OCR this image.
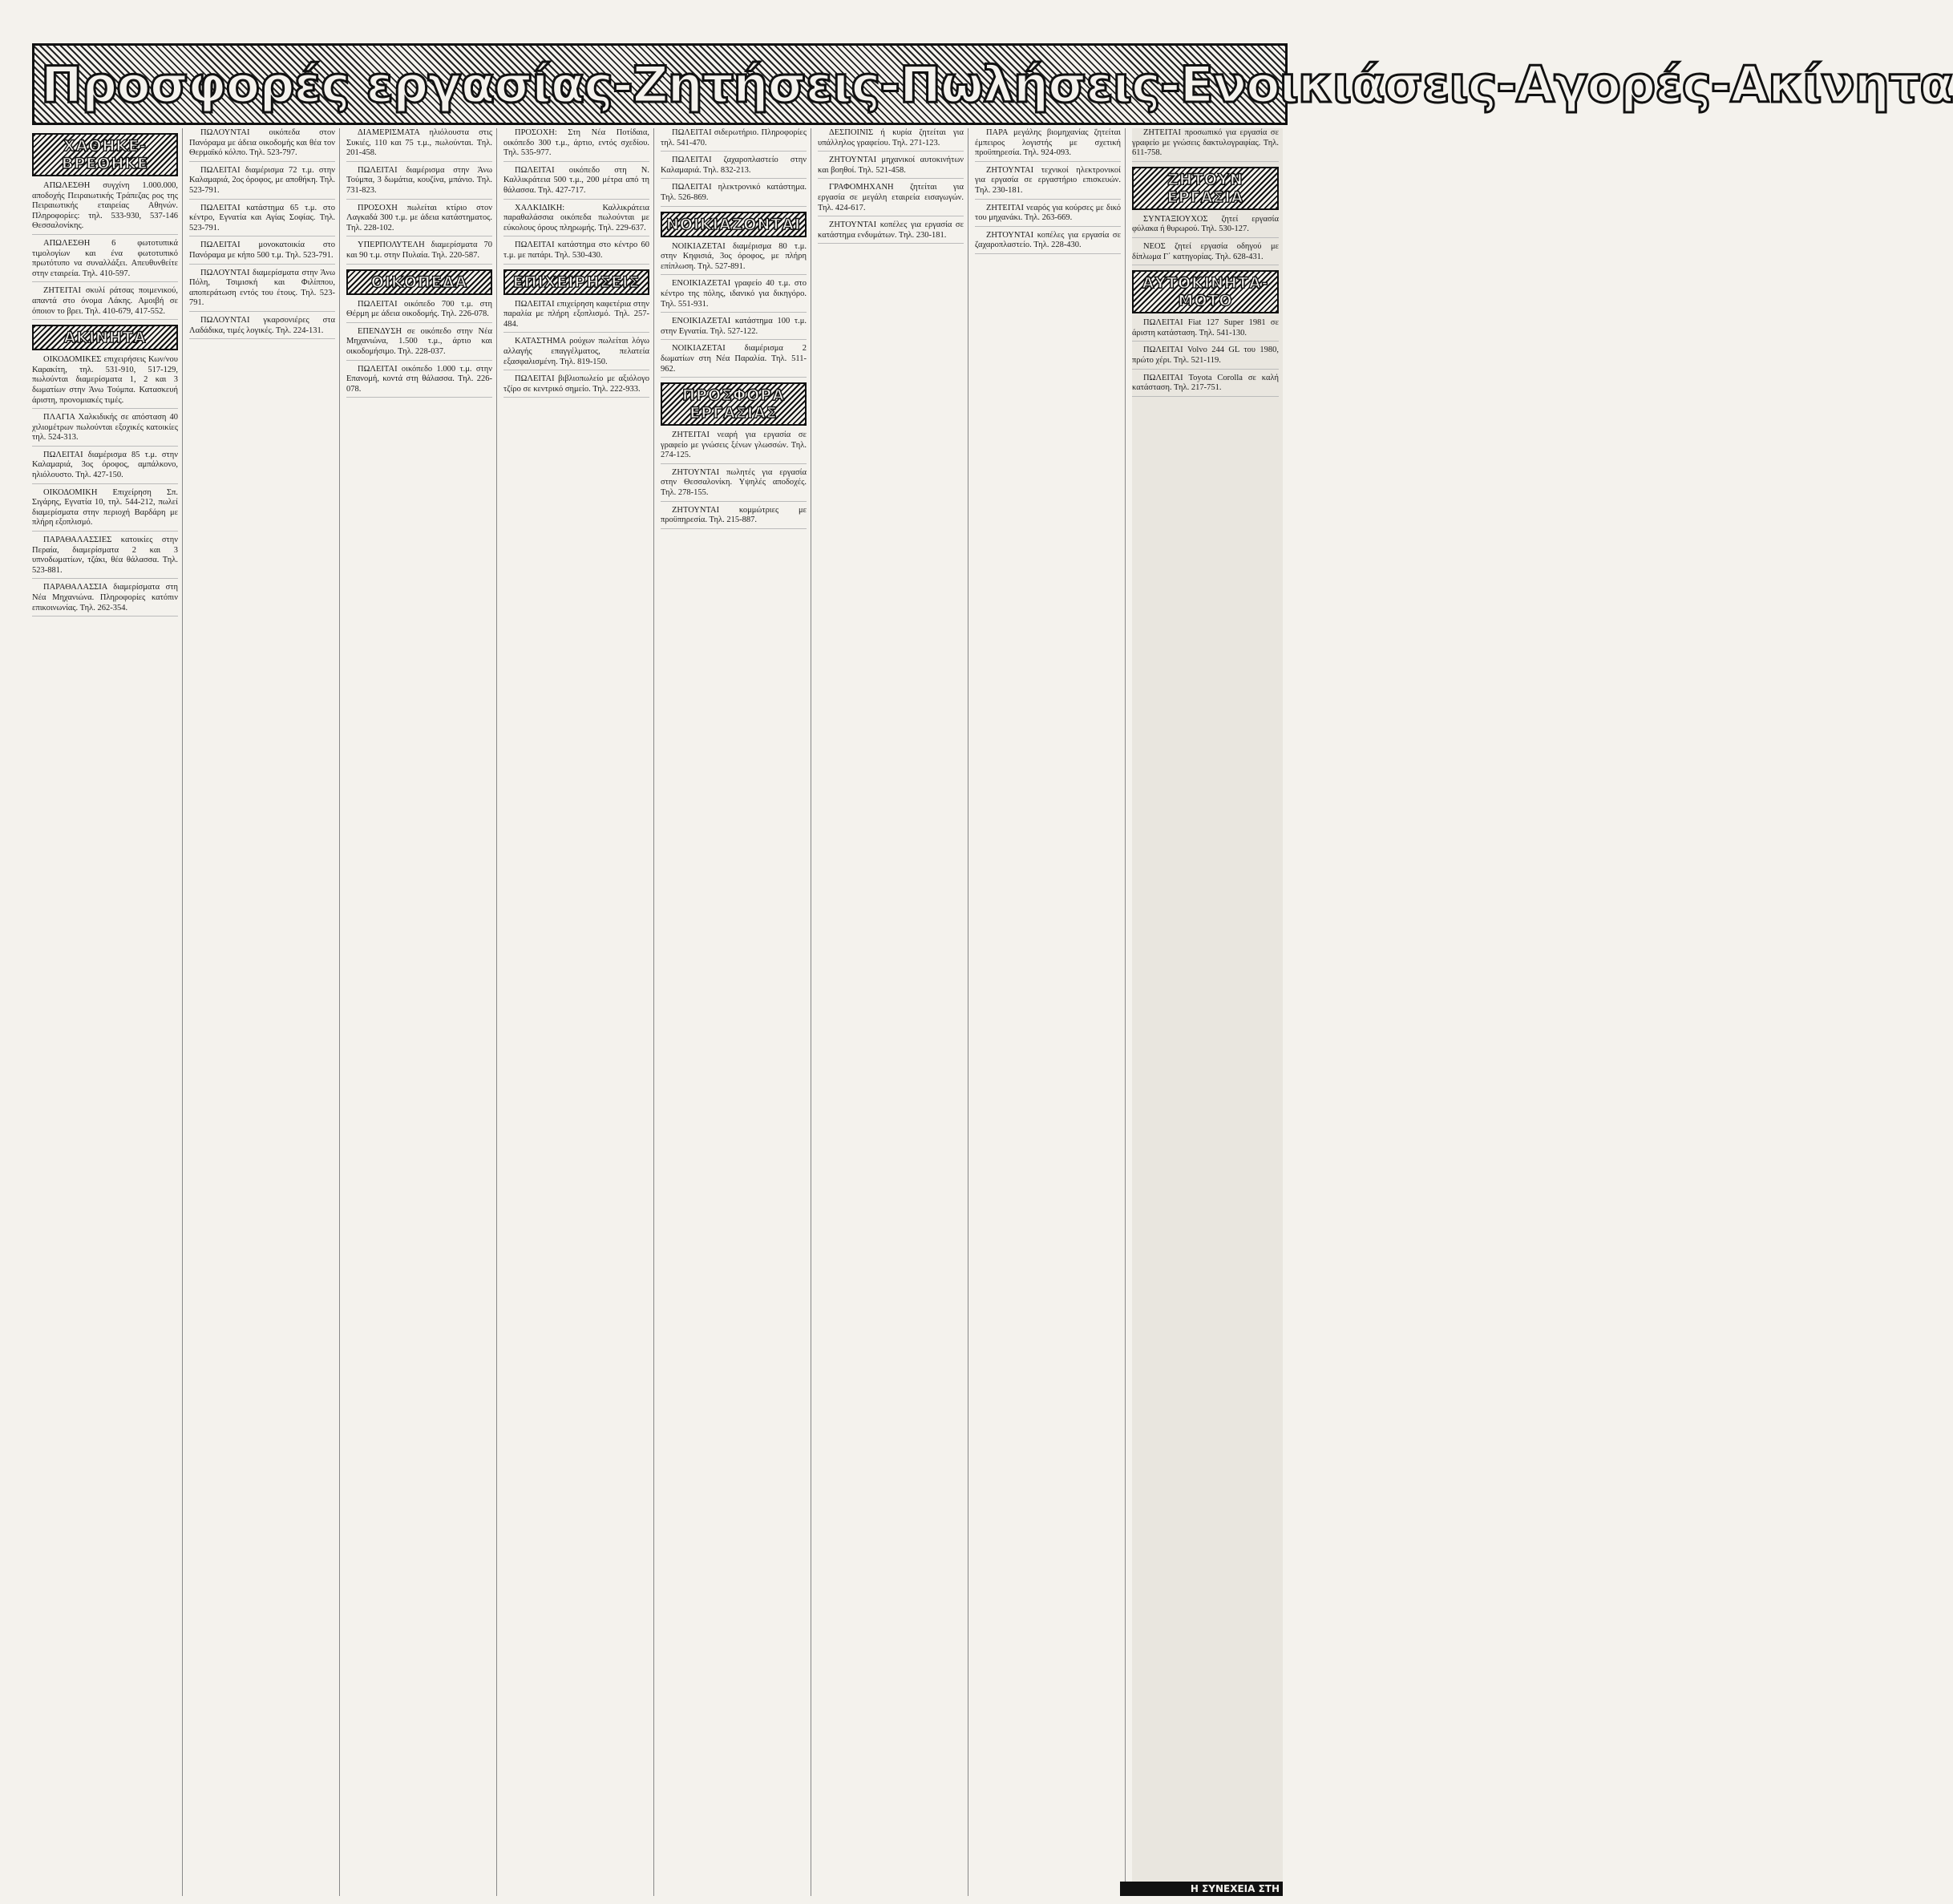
Προσφορές εργασίας-Ζητήσεις-Πωλήσεις-Ενοικιάσεις-Αγορές-Ακίνητα
ΧΑΘΗΚΕ-ΒΡΕΘΗΚΕ

ΑΠΩΛΕΣΘΗ συγχίνη 1.000.000, αποδοχής Πειραιωτικής Τράπεζας ρος της Πειραιωτικής εταιρείας Αθηνών. Πληροφορίες: τηλ. 533-930, 537-146 Θεσσαλονίκης.

ΑΠΩΛΕΣΘΗ 6 φωτοτυπικά τιμολογίων και ένα φωτοτυπικό πρωτότυπο να συναλλάξει. Απευθυνθείτε στην εταιρεία. Τηλ. 410-597.

ΖΗΤΕΙΤΑΙ σκυλί ράτσας ποιμενικού, απαντά στο όνομα Λάκης. Αμοιβή σε όποιον το βρει. Τηλ. 410-679, 417-552.

ΑΚΙΝΗΤΑ

ΟΙΚΟΔΟΜΙΚΕΣ επιχειρήσεις Κων/νου Καρακίτη, τηλ. 531-910, 517-129, πωλούνται διαμερίσματα 1, 2 και 3 δωματίων στην Άνω Τούμπα. Κατασκευή άριστη, προνομιακές τιμές.

ΠΛΑΓΙΑ Χαλκιδικής σε απόσταση 40 χιλιομέτρων πωλούνται εξοχικές κατοικίες τηλ. 524-313.

ΠΩΛΕΙΤΑΙ διαμέρισμα 85 τ.μ. στην Καλαμαριά, 3ος όροφος, αμπάλκονο, ηλιόλουστο. Τηλ. 427-150.

ΟΙΚΟΔΟΜΙΚΗ Επιχείρηση Σπ. Σιγάρης, Εγνατία 10, τηλ. 544-212, πωλεί διαμερίσματα στην περιοχή Βαρδάρη με πλήρη εξοπλισμό.

ΠΑΡΑΘΑΛΑΣΣΙΕΣ κατοικίες στην Περαία, διαμερίσματα 2 και 3 υπνοδωματίων, τζάκι, θέα θάλασσα. Τηλ. 523-881.

ΠΑΡΑΘΑΛΑΣΣΙΑ διαμερίσματα στη Νέα Μηχανιώνα. Πληροφορίες κατόπιν επικοινωνίας. Τηλ. 262-354.

ΠΩΛΟΥΝΤΑΙ οικόπεδα στον Πανόραμα με άδεια οικοδομής και θέα τον Θερμαϊκό κόλπο. Τηλ. 523-797.

ΠΩΛΕΙΤΑΙ διαμέρισμα 72 τ.μ. στην Καλαμαριά, 2ος όροφος, με αποθήκη. Τηλ. 523-791.

ΠΩΛΕΙΤΑΙ κατάστημα 65 τ.μ. στο κέντρο, Εγνατία και Αγίας Σοφίας. Τηλ. 523-791.

ΠΩΛΕΙΤΑΙ μονοκατοικία στο Πανόραμα με κήπο 500 τ.μ. Τηλ. 523-791.

ΠΩΛΟΥΝΤΑΙ διαμερίσματα στην Άνω Πόλη, Τσιμισκή και Φιλίππου, αποπεράτωση εντός του έτους. Τηλ. 523-791.

ΠΩΛΟΥΝΤΑΙ γκαρσονιέρες στα Λαδάδικα, τιμές λογικές. Τηλ. 224-131.

ΔΙΑΜΕΡΙΣΜΑΤΑ ηλιόλουστα στις Συκιές, 110 και 75 τ.μ., πωλούνται. Τηλ. 201-458.

ΠΩΛΕΙΤΑΙ διαμέρισμα στην Άνω Τούμπα, 3 δωμάτια, κουζίνα, μπάνιο. Τηλ. 731-823.

ΠΡΟΣΟΧΗ πωλείται κτίριο στον Λαγκαδά 300 τ.μ. με άδεια κατάστηματος. Τηλ. 228-102.

ΥΠΕΡΠΟΛΥΤΕΛΗ διαμερίσματα 70 και 90 τ.μ. στην Πυλαία. Τηλ. 220-587.

ΟΙΚΟΠΕΔΑ

ΠΩΛΕΙΤΑΙ οικόπεδο 700 τ.μ. στη Θέρμη με άδεια οικοδομής. Τηλ. 226-078.

ΕΠΕΝΔΥΣΗ σε οικόπεδο στην Νέα Μηχανιώνα, 1.500 τ.μ., άρτιο και οικοδομήσιμο. Τηλ. 228-037.

ΠΩΛΕΙΤΑΙ οικόπεδο 1.000 τ.μ. στην Επανομή, κοντά στη θάλασσα. Τηλ. 226-078.

ΠΡΟΣΟΧΗ: Στη Νέα Ποτίδαια, οικόπεδο 300 τ.μ., άρτιο, εντός σχεδίου. Τηλ. 535-977.

ΠΩΛΕΙΤΑΙ οικόπεδο στη Ν. Καλλικράτεια 500 τ.μ., 200 μέτρα από τη θάλασσα. Τηλ. 427-717.

ΧΑΛΚΙΔΙΚΗ: Καλλικράτεια παραθαλάσσια οικόπεδα πωλούνται με εύκολους όρους πληρωμής. Τηλ. 229-637.

ΠΩΛΕΙΤΑΙ κατάστημα στο κέντρο 60 τ.μ. με πατάρι. Τηλ. 530-430.

ΕΠΙΧΕΙΡΗΣΕΙΣ

ΠΩΛΕΙΤΑΙ επιχείρηση καφετέρια στην παραλία με πλήρη εξοπλισμό. Τηλ. 257-484.

ΚΑΤΑΣΤΗΜΑ ρούχων πωλείται λόγω αλλαγής επαγγέλματος, πελατεία εξασφαλισμένη. Τηλ. 819-150.

ΠΩΛΕΙΤΑΙ βιβλιοπωλείο με αξιόλογο τζίρο σε κεντρικό σημείο. Τηλ. 222-933.

ΠΩΛΕΙΤΑΙ σιδερωτήριο. Πληροφορίες τηλ. 541-470.

ΠΩΛΕΙΤΑΙ ζαχαροπλαστείο στην Καλαμαριά. Τηλ. 832-213.

ΠΩΛΕΙΤΑΙ ηλεκτρονικό κατάστημα. Τηλ. 526-869.

ΝΟΙΚΙΑΖΟΝΤΑΙ

ΝΟΙΚΙΑΖΕΤΑΙ διαμέρισμα 80 τ.μ. στην Κηφισιά, 3ος όροφος, με πλήρη επίπλωση. Τηλ. 527-891.

ΕΝΟΙΚΙΑΖΕΤΑΙ γραφείο 40 τ.μ. στο κέντρο της πόλης, ιδανικό για δικηγόρο. Τηλ. 551-931.

ΕΝΟΙΚΙΑΖΕΤΑΙ κατάστημα 100 τ.μ. στην Εγνατία. Τηλ. 527-122.

ΝΟΙΚΙΑΖΕΤΑΙ διαμέρισμα 2 δωματίων στη Νέα Παραλία. Τηλ. 511-962.

ΠΡΟΣΦΟΡΑ ΕΡΓΑΣΙΑΣ

ΖΗΤΕΙΤΑΙ νεαρή για εργασία σε γραφείο με γνώσεις ξένων γλωσσών. Τηλ. 274-125.

ΖΗΤΟΥΝΤΑΙ πωλητές για εργασία στην Θεσσαλονίκη. Υψηλές αποδοχές. Τηλ. 278-155.

ΖΗΤΟΥΝΤΑΙ κομμώτριες με προϋπηρεσία. Τηλ. 215-887.

ΔΕΣΠΟΙΝΙΣ ή κυρία ζητείται για υπάλληλος γραφείου. Τηλ. 271-123.

ΖΗΤΟΥΝΤΑΙ μηχανικοί αυτοκινήτων και βοηθοί. Τηλ. 521-458.

ΓΡΑΦΟΜΗΧΑΝΗ ζητείται για εργασία σε μεγάλη εταιρεία εισαγωγών. Τηλ. 424-617.

ΖΗΤΟΥΝΤΑΙ κοπέλες για εργασία σε κατάστημα ενδυμάτων. Τηλ. 230-181.

ΠΑΡΑ μεγάλης βιομηχανίας ζητείται έμπειρος λογιστής με σχετική προϋπηρεσία. Τηλ. 924-093.

ΖΗΤΟΥΝΤΑΙ τεχνικοί ηλεκτρονικοί για εργασία σε εργαστήριο επισκευών. Τηλ. 230-181.

ΖΗΤΕΙΤΑΙ νεαρός για κούρσες με δικό του μηχανάκι. Τηλ. 263-669.

ΖΗΤΟΥΝΤΑΙ κοπέλες για εργασία σε ζαχαροπλαστείο. Τηλ. 228-430.

ΖΗΤΕΙΤΑΙ προσωπικό για εργασία σε γραφείο με γνώσεις δακτυλογραφίας. Τηλ. 611-758.

ΖΗΤΟΥΝ ΕΡΓΑΣΙΑ

ΣΥΝΤΑΞΙΟΥΧΟΣ ζητεί εργασία φύλακα ή θυρωρού. Τηλ. 530-127.

ΝΕΟΣ ζητεί εργασία οδηγού με δίπλωμα Γ΄ κατηγορίας. Τηλ. 628-431.

ΑΥΤΟΚΙΝΗΤΑ-ΜΟΤΟ

ΠΩΛΕΙΤΑΙ Fiat 127 Super 1981 σε άριστη κατάσταση. Τηλ. 541-130.

ΠΩΛΕΙΤΑΙ Volvo 244 GL του 1980, πρώτο χέρι. Τηλ. 521-119.

ΠΩΛΕΙΤΑΙ Toyota Corolla σε καλή κατάσταση. Τηλ. 217-751.

Η ΣΥΝΕΧΕΙΑ ΣΤΗ
